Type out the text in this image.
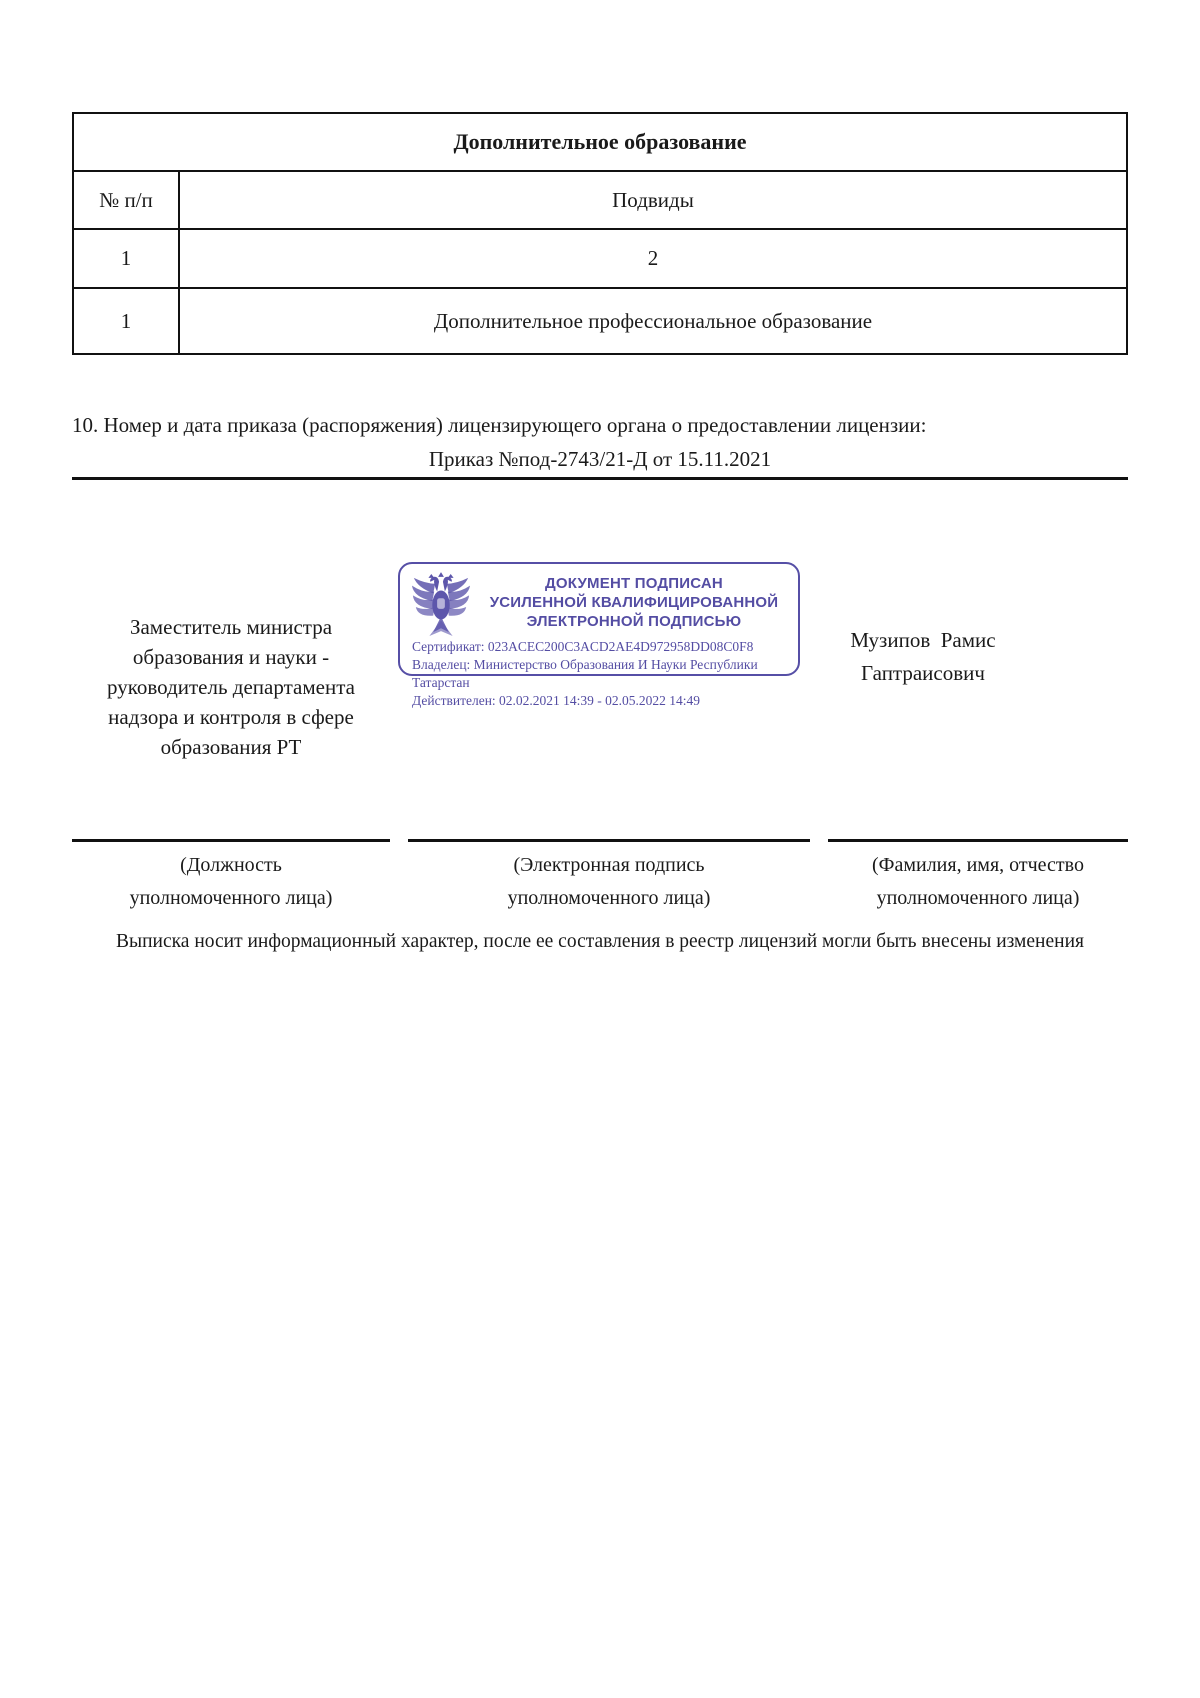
Дополнительное образование	
№ п/п	Подвиды
1	2
1	Дополнительное профессиональное образование

10. Номер и дата приказа (распоряжения) лицензирующего органа о предоставлении лицензии:

Приказ №под-2743/21-Д от 15.11.2021

Заместитель министра образования и науки - руководитель департамента надзора и контроля в сфере образования РТ
ДОКУМЕНТ ПОДПИСАН
УСИЛЕННОЙ КВАЛИФИЦИРОВАННОЙ
ЭЛЕКТРОННОЙ ПОДПИСЬЮ
Сертификат: 023ACEC200C3ACD2AE4D972958DD08C0F8
Владелец: Министерство Образования И Науки Республики Татарстан
Действителен: 02.02.2021 14:39 - 02.05.2022 14:49
Музипов  Рамис Гаптраисович
(Должность
уполномоченного лица)
(Электронная подпись
уполномоченного лица)
(Фамилия, имя, отчество
уполномоченного лица)

Выписка носит информационный характер, после ее составления в реестр лицензий могли быть внесены изменения
